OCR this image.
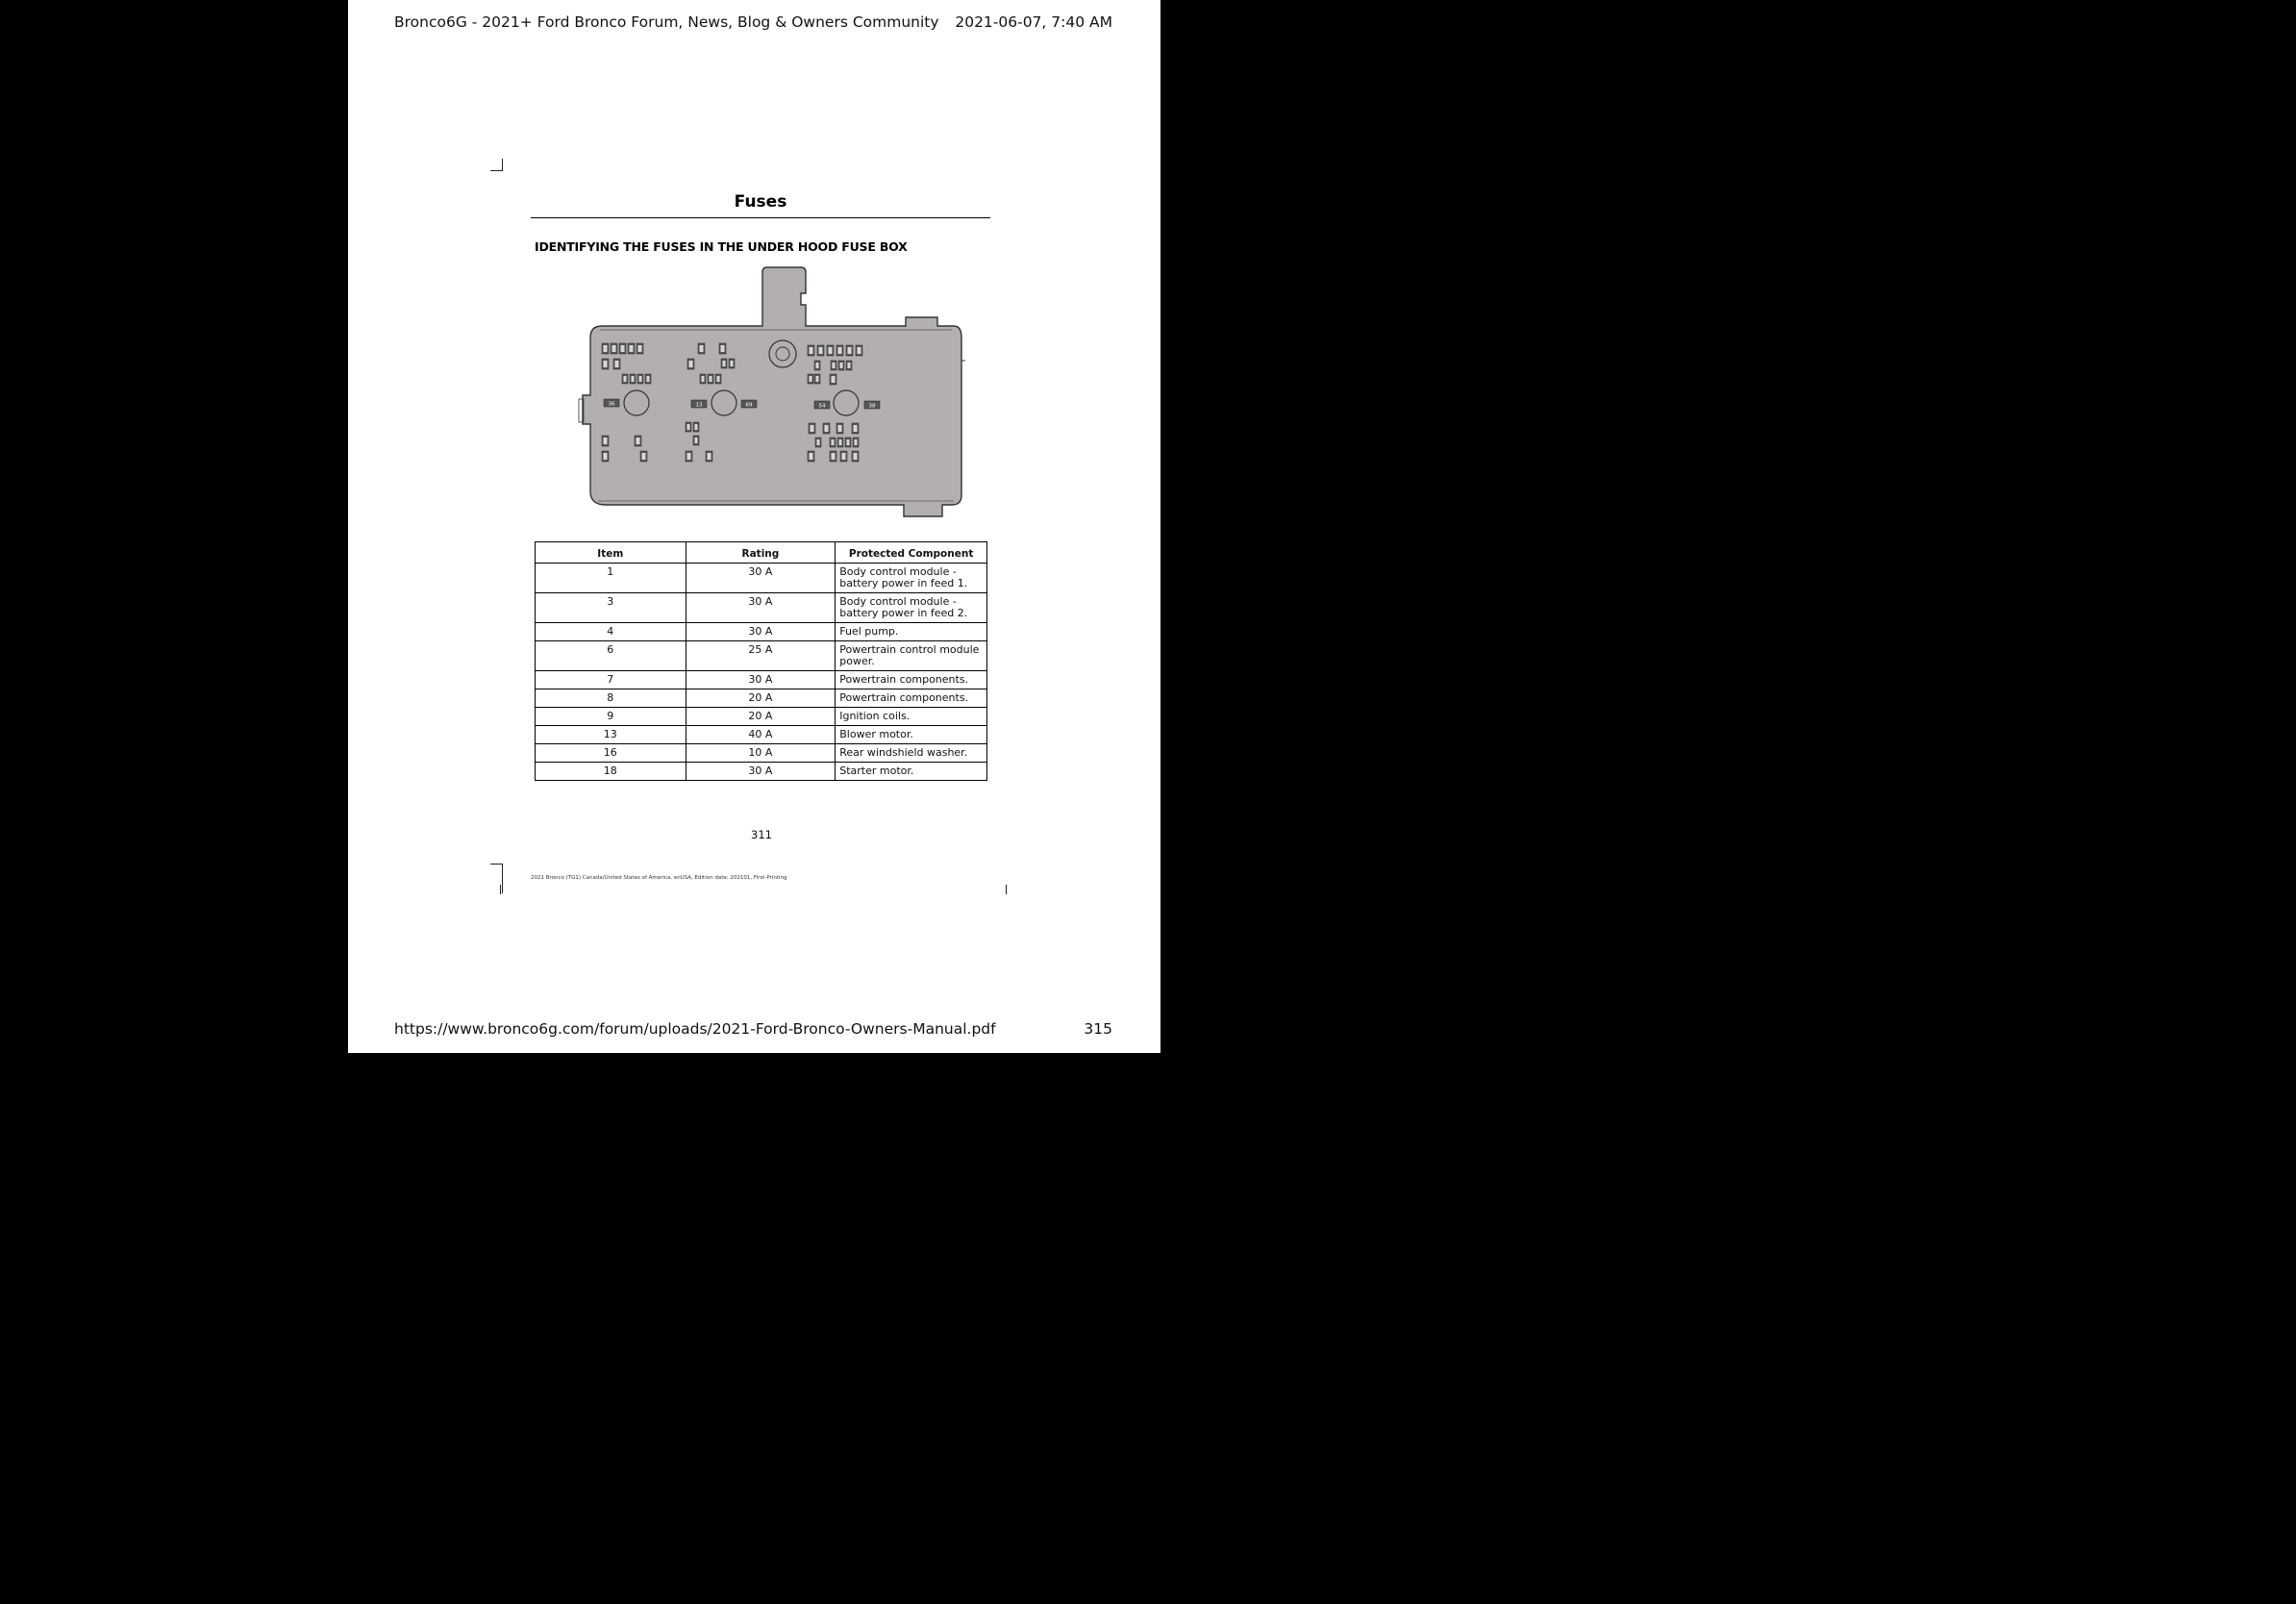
Bronco6G - 2021+ Ford Bronco Forum, News, Blog & Owners Community 2021-06-07, 7:40 AM
Fuses
IDENTIFYING THE FUSES IN THE UNDER HOOD FUSE BOX
36	13	69	54	38
Item	Rating	Protected Component
1	30 A	Body control module - battery power in feed 1.
3	30 A	Body control module - battery power in feed 2.
4	30 A	Fuel pump.
6	25 A	Powertrain control module power.
7	30 A	Powertrain components.
8	20 A	Powertrain components.
9	20 A	Ignition coils.
13	40 A	Blower motor.
16	10 A	Rear windshield washer.
18	30 A	Starter motor.
311
2021 Bronco (TG1) Canada/United States of America, enUSA, Edition date: 202101, First-Printing
https://www.bronco6g.com/forum/uploads/2021-Ford-Bronco-Owners-Manual.pdf	315
